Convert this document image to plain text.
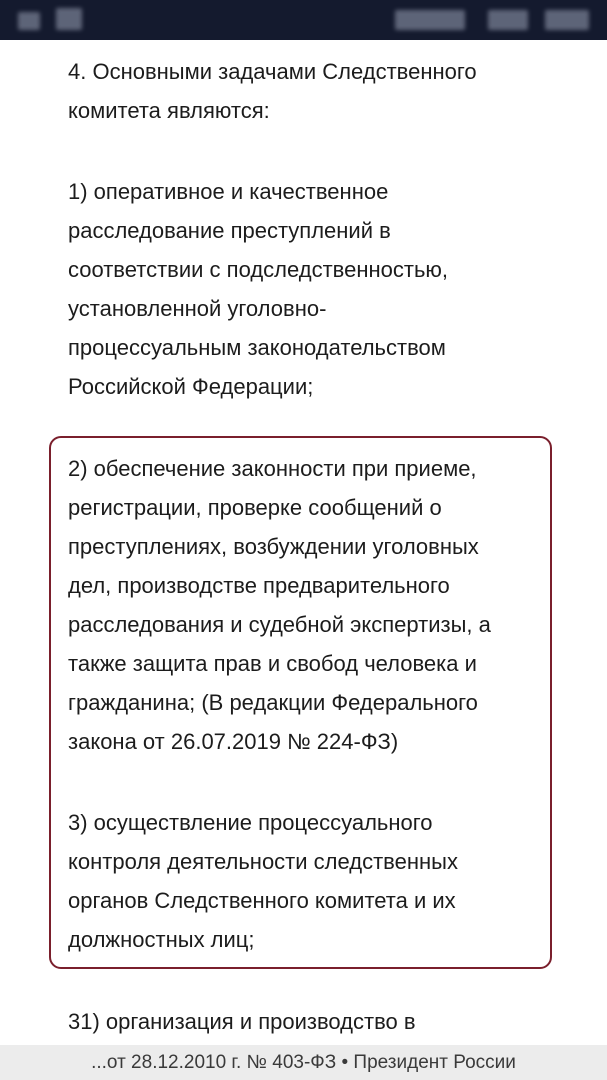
4. Основными задачами Следственного
комитета являются:
1) оперативное и качественное
расследование преступлений в
соответствии с подследственностью,
установленной уголовно-
процессуальным законодательством
Российской Федерации;
2) обеспечение законности при приеме,
регистрации, проверке сообщений о
преступлениях, возбуждении уголовных
дел, производстве предварительного
расследования и судебной экспертизы, а
также защита прав и свобод человека и
гражданина; (В редакции Федерального
закона от 26.07.2019 № 224-ФЗ)
3) осуществление процессуального
контроля деятельности следственных
органов Следственного комитета и их
должностных лиц;
31) организация и производство в
...от 28.12.2010 г. № 403-ФЗ • Президент России
